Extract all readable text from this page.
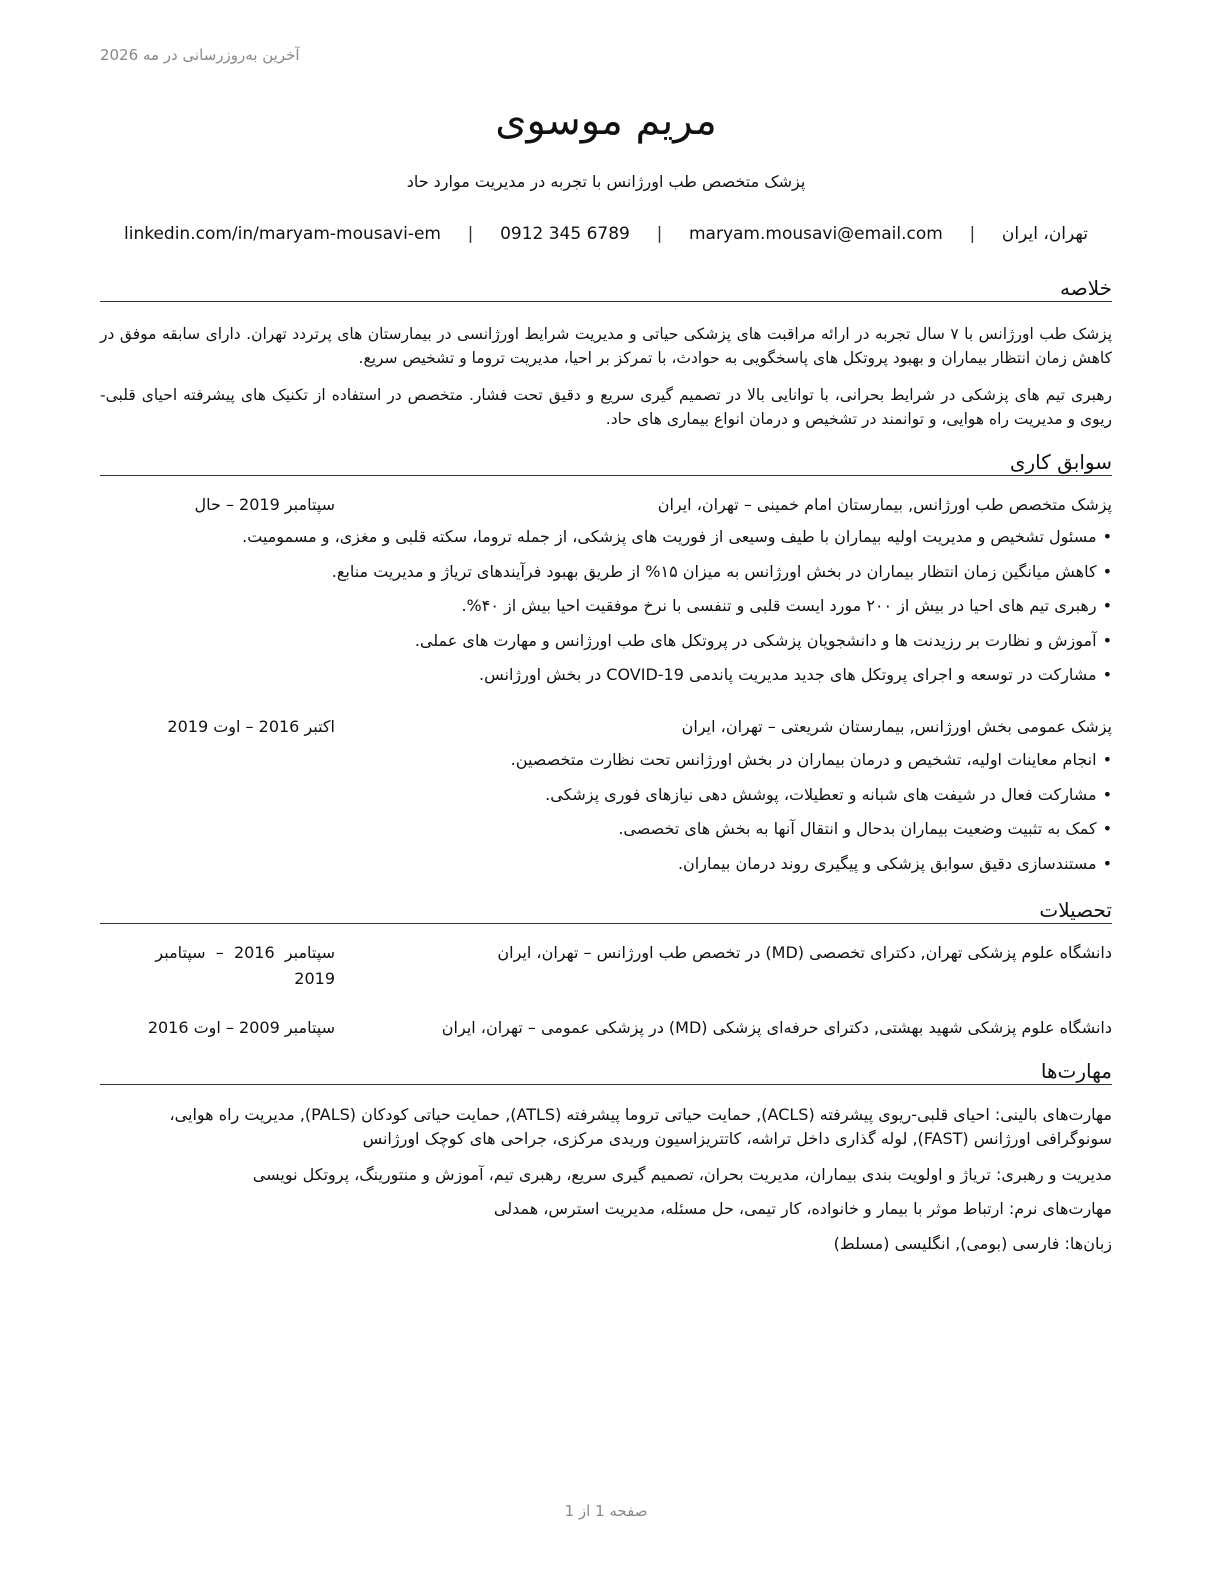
آخرین به‌روزرسانی در مه 2026
مریم موسوی

پزشک متخصص طب اورژانس با تجربه در مدیریت موارد حاد

تهران، ایران
|
maryam.mousavi@email.com
|
0912 345 6789
|
linkedin.com/in/maryam-mousavi-em
خلاصه

پزشک طب اورژانس با ۷ سال تجربه در ارائه مراقبت های پزشکی حیاتی و مدیریت شرایط اورژانسی در بیمارستان های پرتردد تهران. دارای سابقه موفق در کاهش زمان انتظار بیماران و بهبود پروتکل های پاسخگویی به حوادث، با تمرکز بر احیا، مدیریت تروما و تشخیص سریع.

رهبری تیم های پزشکی در شرایط بحرانی، با توانایی بالا در تصمیم گیری سریع و دقیق تحت فشار. متخصص در استفاده از تکنیک های پیشرفته احیای قلبی-ریوی و مدیریت راه هوایی، و توانمند در تشخیص و درمان انواع بیماری های حاد.

سوابق کاری
پزشک متخصص طب اورژانس, بیمارستان امام خمینی – تهران، ایران
سپتامبر 2019 – حال
• مسئول تشخیص و مدیریت اولیه بیماران با طیف وسیعی از فوریت های پزشکی، از جمله تروما، سکته قلبی و مغزی، و مسمومیت.
• کاهش میانگین زمان انتظار بیماران در بخش اورژانس به میزان ۱۵% از طریق بهبود فرآیندهای تریاژ و مدیریت منابع.
• رهبری تیم های احیا در بیش از ۲۰۰ مورد ایست قلبی و تنفسی با نرخ موفقیت احیا بیش از ۴۰%.
• آموزش و نظارت بر رزیدنت ها و دانشجویان پزشکی در پروتکل های طب اورژانس و مهارت های عملی.
• مشارکت در توسعه و اجرای پروتکل های جدید مدیریت پاندمی COVID-19 در بخش اورژانس.
پزشک عمومی بخش اورژانس, بیمارستان شریعتی – تهران، ایران
اکتبر 2016 – اوت 2019
• انجام معاینات اولیه، تشخیص و درمان بیماران در بخش اورژانس تحت نظارت متخصصین.
• مشارکت فعال در شیفت های شبانه و تعطیلات، پوشش دهی نیازهای فوری پزشکی.
• کمک به تثبیت وضعیت بیماران بدحال و انتقال آنها به بخش های تخصصی.
• مستندسازی دقیق سوابق پزشکی و پیگیری روند درمان بیماران.
تحصیلات
دانشگاه علوم پزشکی تهران, دکترای تخصصی (MD) در تخصص طب اورژانس – تهران، ایران
سپتامبر  2016  –  سپتامبر
2019
دانشگاه علوم پزشکی شهید بهشتی, دکترای حرفه‌ای پزشکی (MD) در پزشکی عمومی – تهران، ایران
سپتامبر 2009 – اوت 2016
مهارت‌ها

مهارت‌های بالینی: احیای قلبی-ریوی پیشرفته (ACLS), حمایت حیاتی تروما پیشرفته (ATLS), حمایت حیاتی کودکان (PALS), مدیریت راه هوایی، سونوگرافی اورژانس (FAST), لوله گذاری داخل تراشه، کاتتریزاسیون وریدی مرکزی، جراحی های کوچک اورژانس

مدیریت و رهبری: تریاژ و اولویت بندی بیماران، مدیریت بحران، تصمیم گیری سریع، رهبری تیم، آموزش و منتورینگ، پروتکل نویسی

مهارت‌های نرم: ارتباط موثر با بیمار و خانواده، کار تیمی، حل مسئله، مدیریت استرس، همدلی

زبان‌ها: فارسی (بومی), انگلیسی (مسلط)

صفحه 1 از 1
